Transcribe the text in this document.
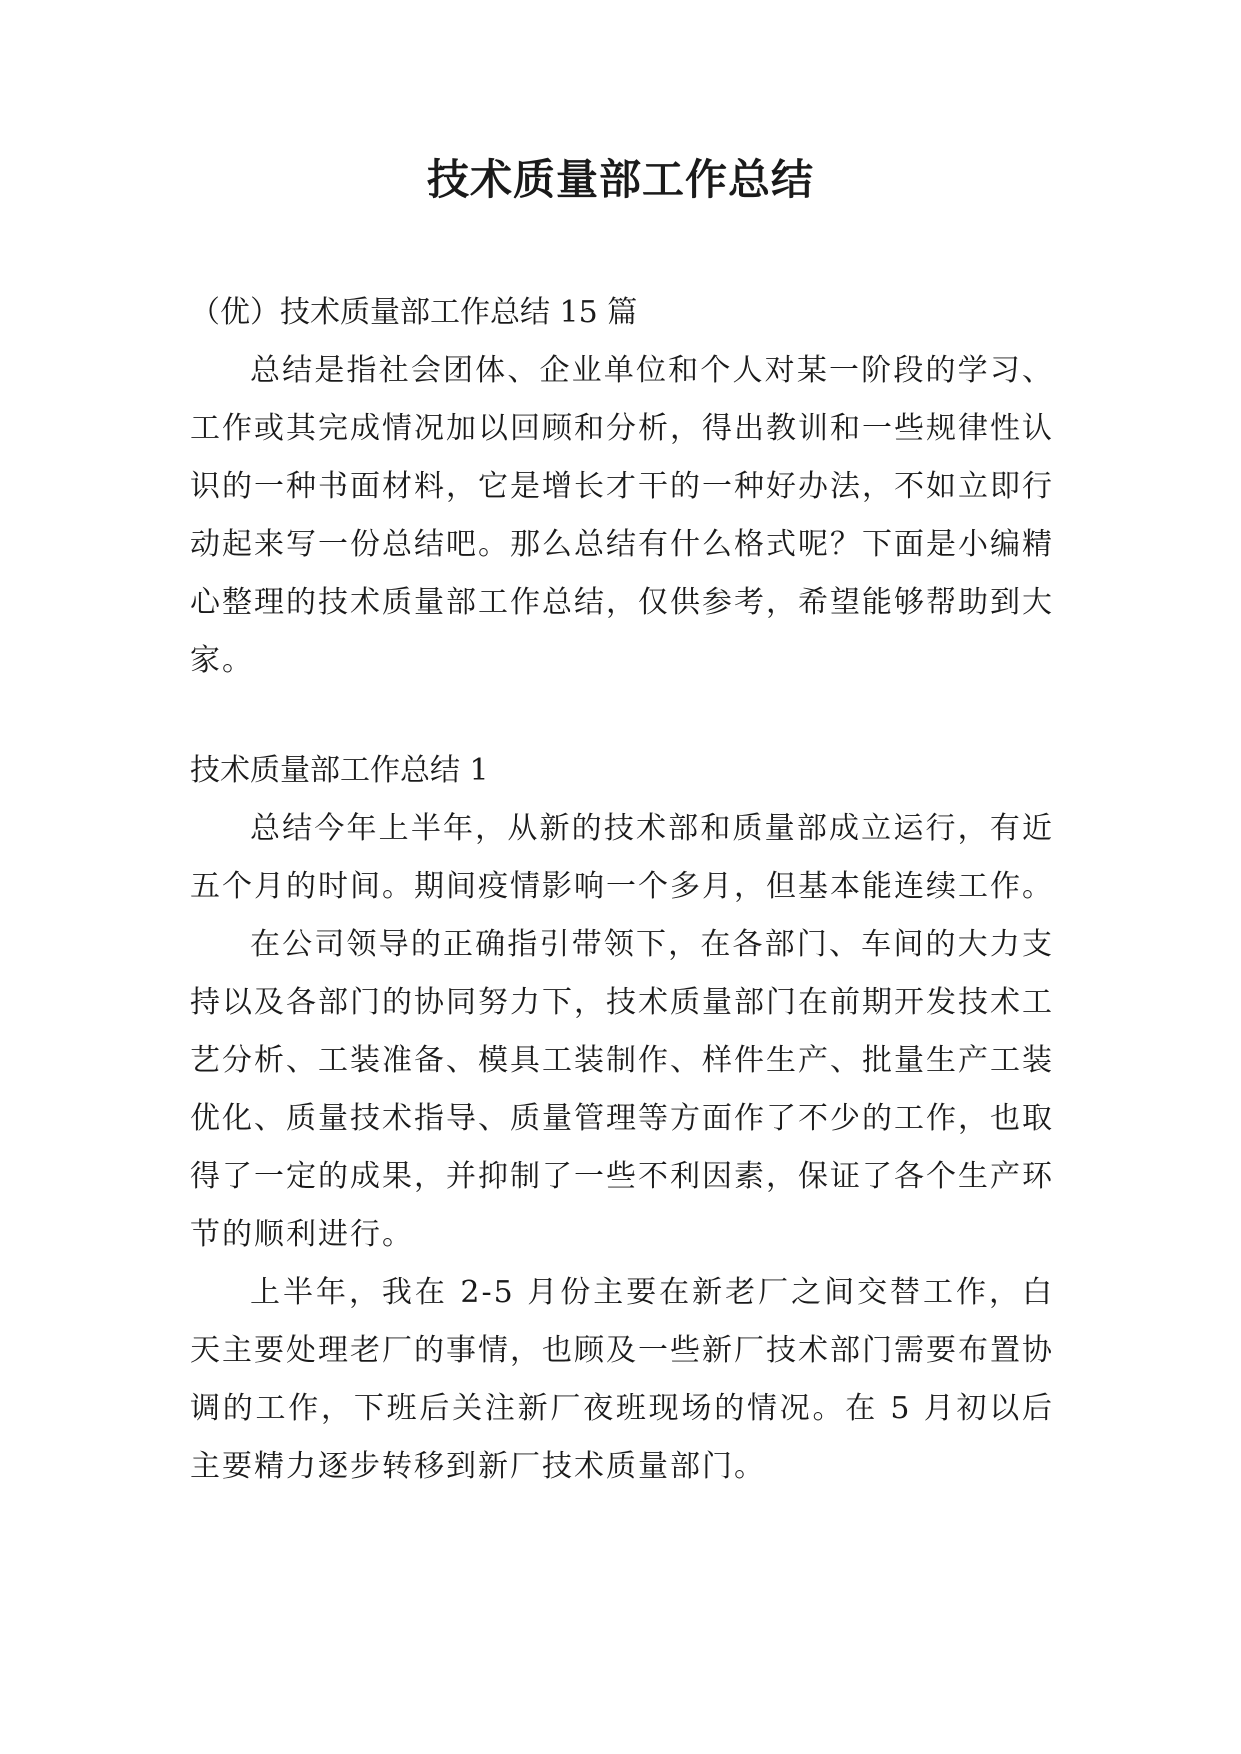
技术质量部工作总结

（优）技术质量部工作总结 15 篇

总结是指社会团体、企业单位和个人对某一阶段的学习、工作或其完成情况加以回顾和分析，得出教训和一些规律性认识的一种书面材料，它是增长才干的一种好办法，不如立即行动起来写一份总结吧。那么总结有什么格式呢？下面是小编精心整理的技术质量部工作总结，仅供参考，希望能够帮助到大家。

技术质量部工作总结 1

总结今年上半年，从新的技术部和质量部成立运行，有近五个月的时间。期间疫情影响一个多月，但基本能连续工作。

在公司领导的正确指引带领下，在各部门、车间的大力支持以及各部门的协同努力下，技术质量部门在前期开发技术工艺分析、工装准备、模具工装制作、样件生产、批量生产工装优化、质量技术指导、质量管理等方面作了不少的工作，也取得了一定的成果，并抑制了一些不利因素，保证了各个生产环节的顺利进行。

上半年，我在 2-5 月份主要在新老厂之间交替工作，白天主要处理老厂的事情，也顾及一些新厂技术部门需要布置协调的工作，下班后关注新厂夜班现场的情况。在 5 月初以后主要精力逐步转移到新厂技术质量部门。
